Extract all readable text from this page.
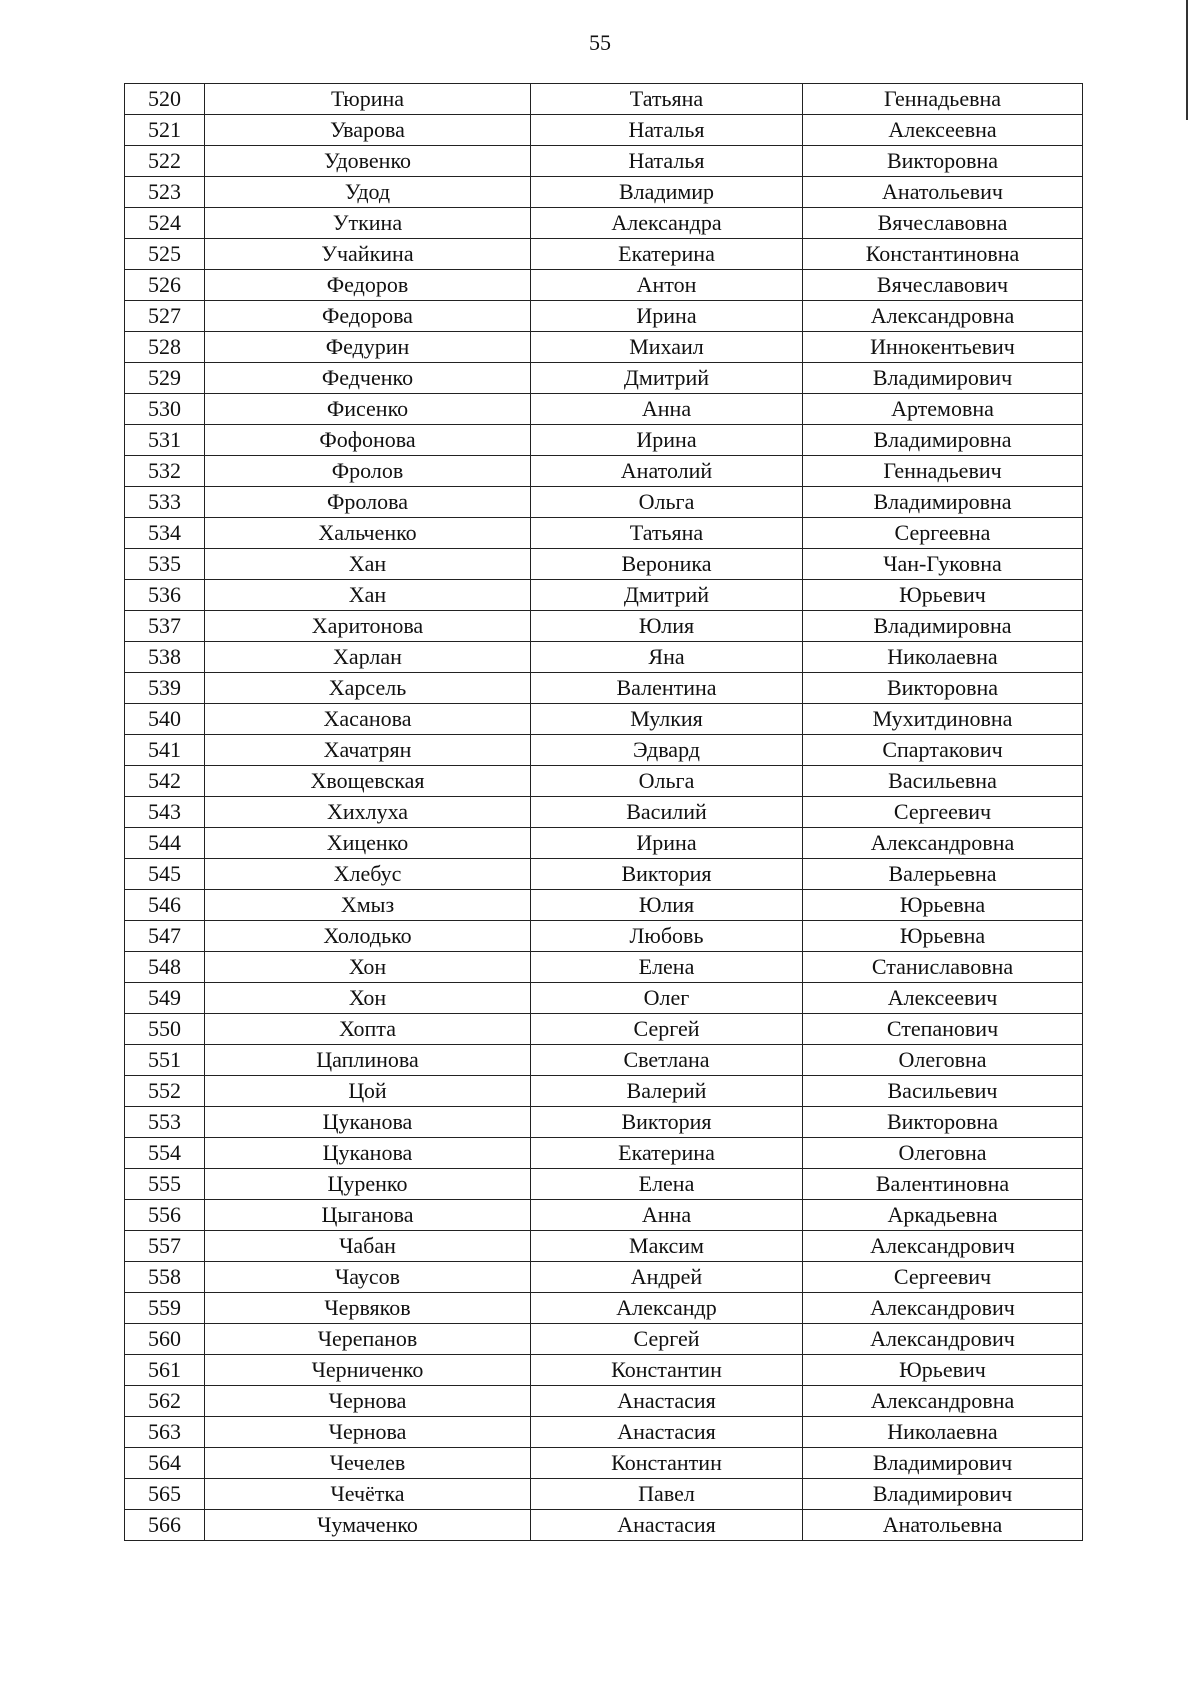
55
520	Тюрина	Татьяна	Геннадьевна
521	Уварова	Наталья	Алексеевна
522	Удовенко	Наталья	Викторовна
523	Удод	Владимир	Анатольевич
524	Уткина	Александра	Вячеславовна
525	Учайкина	Екатерина	Константиновна
526	Федоров	Антон	Вячеславович
527	Федорова	Ирина	Александровна
528	Федурин	Михаил	Иннокентьевич
529	Федченко	Дмитрий	Владимирович
530	Фисенко	Анна	Артемовна
531	Фофонова	Ирина	Владимировна
532	Фролов	Анатолий	Геннадьевич
533	Фролова	Ольга	Владимировна
534	Хальченко	Татьяна	Сергеевна
535	Хан	Вероника	Чан-Гуковна
536	Хан	Дмитрий	Юрьевич
537	Харитонова	Юлия	Владимировна
538	Харлан	Яна	Николаевна
539	Харсель	Валентина	Викторовна
540	Хасанова	Мулкия	Мухитдиновна
541	Хачатрян	Эдвард	Спартакович
542	Хвощевская	Ольга	Васильевна
543	Хихлуха	Василий	Сергеевич
544	Хиценко	Ирина	Александровна
545	Хлебус	Виктория	Валерьевна
546	Хмыз	Юлия	Юрьевна
547	Холодько	Любовь	Юрьевна
548	Хон	Елена	Станиславовна
549	Хон	Олег	Алексеевич
550	Хопта	Сергей	Степанович
551	Цаплинова	Светлана	Олеговна
552	Цой	Валерий	Васильевич
553	Цуканова	Виктория	Викторовна
554	Цуканова	Екатерина	Олеговна
555	Цуренко	Елена	Валентиновна
556	Цыганова	Анна	Аркадьевна
557	Чабан	Максим	Александрович
558	Чаусов	Андрей	Сергеевич
559	Червяков	Александр	Александрович
560	Черепанов	Сергей	Александрович
561	Черниченко	Константин	Юрьевич
562	Чернова	Анастасия	Александровна
563	Чернова	Анастасия	Николаевна
564	Чечелев	Константин	Владимирович
565	Чечётка	Павел	Владимирович
566	Чумаченко	Анастасия	Анатольевна
